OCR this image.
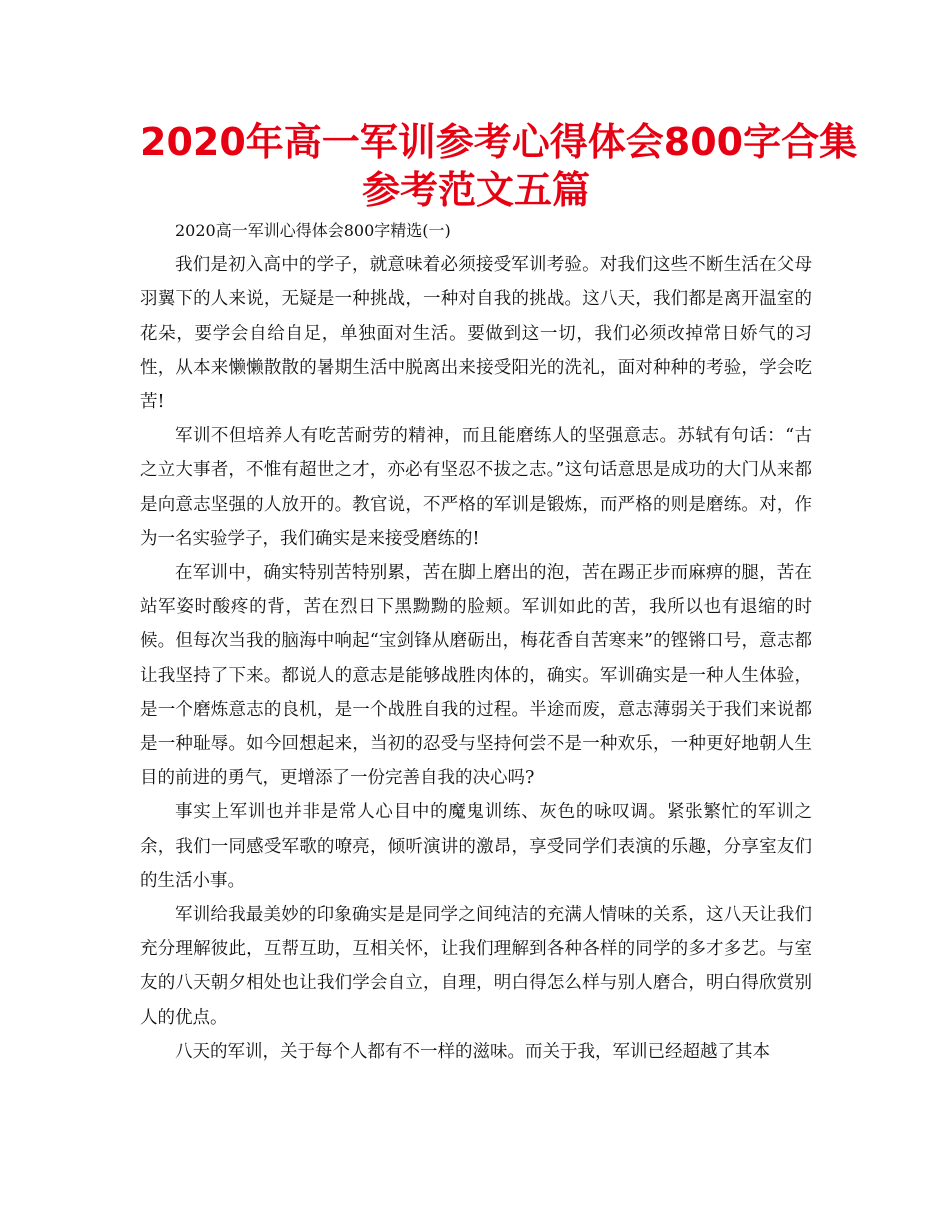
2020年高一军训参考心得体会800字合集
参考范文五篇

2020高一军训心得体会800字精选(一)

我们是初入高中的学子，就意味着必须接受军训考验。对我们这些不断生活在父母羽翼下的人来说，无疑是一种挑战，一种对自我的挑战。这八天，我们都是离开温室的花朵，要学会自给自足，单独面对生活。要做到这一切，我们必须改掉常日娇气的习性，从本来懒懒散散的暑期生活中脱离出来接受阳光的洗礼，面对种种的考验，学会吃苦!

军训不但培养人有吃苦耐劳的精神，而且能磨练人的坚强意志。苏轼有句话：“古之立大事者，不惟有超世之才，亦必有坚忍不拔之志。”这句话意思是成功的大门从来都是向意志坚强的人放开的。教官说，不严格的军训是锻炼，而严格的则是磨练。对，作为一名实验学子，我们确实是来接受磨练的!

在军训中，确实特别苦特别累，苦在脚上磨出的泡，苦在踢正步而麻痹的腿，苦在站军姿时酸疼的背，苦在烈日下黑黝黝的脸颊。军训如此的苦，我所以也有退缩的时候。但每次当我的脑海中响起“宝剑锋从磨砺出，梅花香自苦寒来”的铿锵口号，意志都让我坚持了下来。都说人的意志是能够战胜肉体的，确实。军训确实是一种人生体验，是一个磨炼意志的良机，是一个战胜自我的过程。半途而废，意志薄弱关于我们来说都是一种耻辱。如今回想起来，当初的忍受与坚持何尝不是一种欢乐，一种更好地朝人生目的前进的勇气，更增添了一份完善自我的决心吗?

事实上军训也并非是常人心目中的魔鬼训练、灰色的咏叹调。紧张繁忙的军训之余，我们一同感受军歌的嘹亮，倾听演讲的激昂，享受同学们表演的乐趣，分享室友们的生活小事。

军训给我最美妙的印象确实是是同学之间纯洁的充满人情味的关系，这八天让我们充分理解彼此，互帮互助，互相关怀，让我们理解到各种各样的同学的多才多艺。与室友的八天朝夕相处也让我们学会自立，自理，明白得怎么样与别人磨合，明白得欣赏别人的优点。

八天的军训，关于每个人都有不一样的滋味。而关于我，军训已经超越了其本
